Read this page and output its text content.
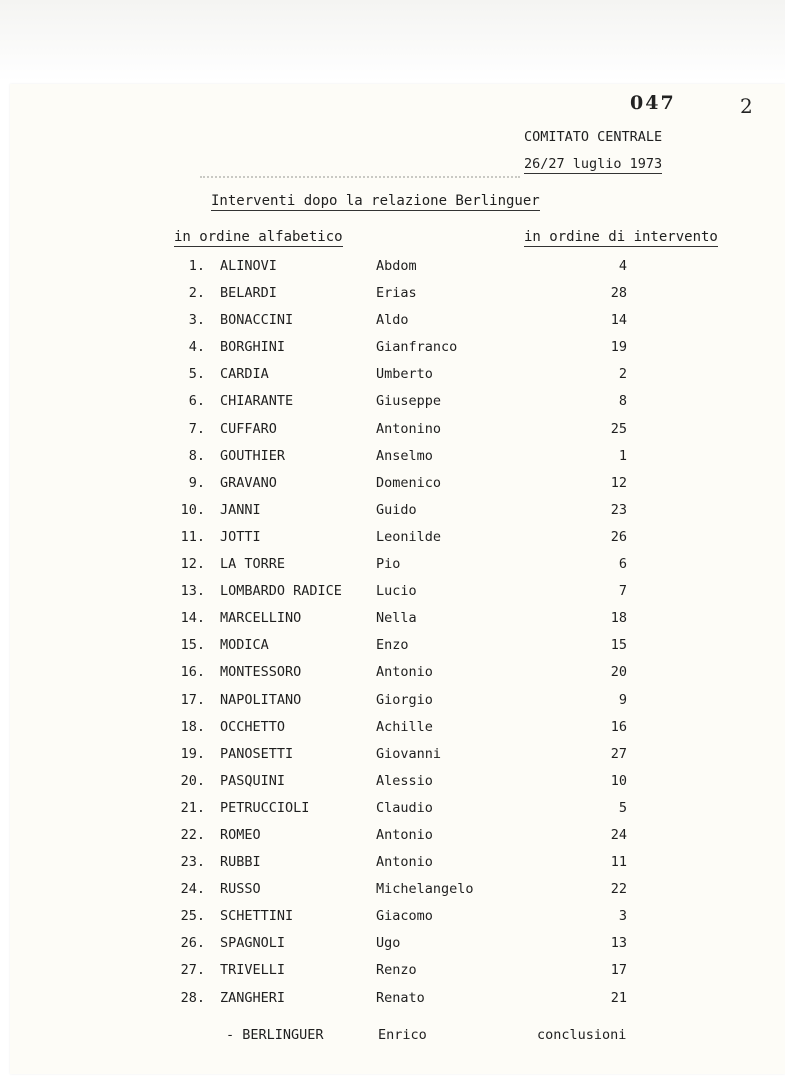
047	2
COMITATO CENTRALE
26/27 luglio 1973
Interventi dopo la relazione Berlinguer
in ordine alfabetico	in ordine di intervento
1. ALINOVI	Abdom	4
2. BELARDI	Erias	28
3. BONACCINI	Aldo	14
4. BORGHINI	Gianfranco	19
5. CARDIA	Umberto	2
6. CHIARANTE	Giuseppe	8
7. CUFFARO	Antonino	25
8. GOUTHIER	Anselmo	1
9. GRAVANO	Domenico	12
10. JANNI	Guido	23
11. JOTTI	Leonilde	26
12. LA TORRE	Pio	6
13. LOMBARDO RADICE	Lucio	7
14. MARCELLINO	Nella	18
15. MODICA	Enzo	15
16. MONTESSORO	Antonio	20
17. NAPOLITANO	Giorgio	9
18. OCCHETTO	Achille	16
19. PANOSETTI	Giovanni	27
20. PASQUINI	Alessio	10
21. PETRUCCIOLI	Claudio	5
22. ROMEO	Antonio	24
23. RUBBI	Antonio	11
24. RUSSO	Michelangelo	22
25. SCHETTINI	Giacomo	3
26. SPAGNOLI	Ugo	13
27. TRIVELLI	Renzo	17
28. ZANGHERI	Renato	21
- BERLINGUER	Enrico	conclusioni
